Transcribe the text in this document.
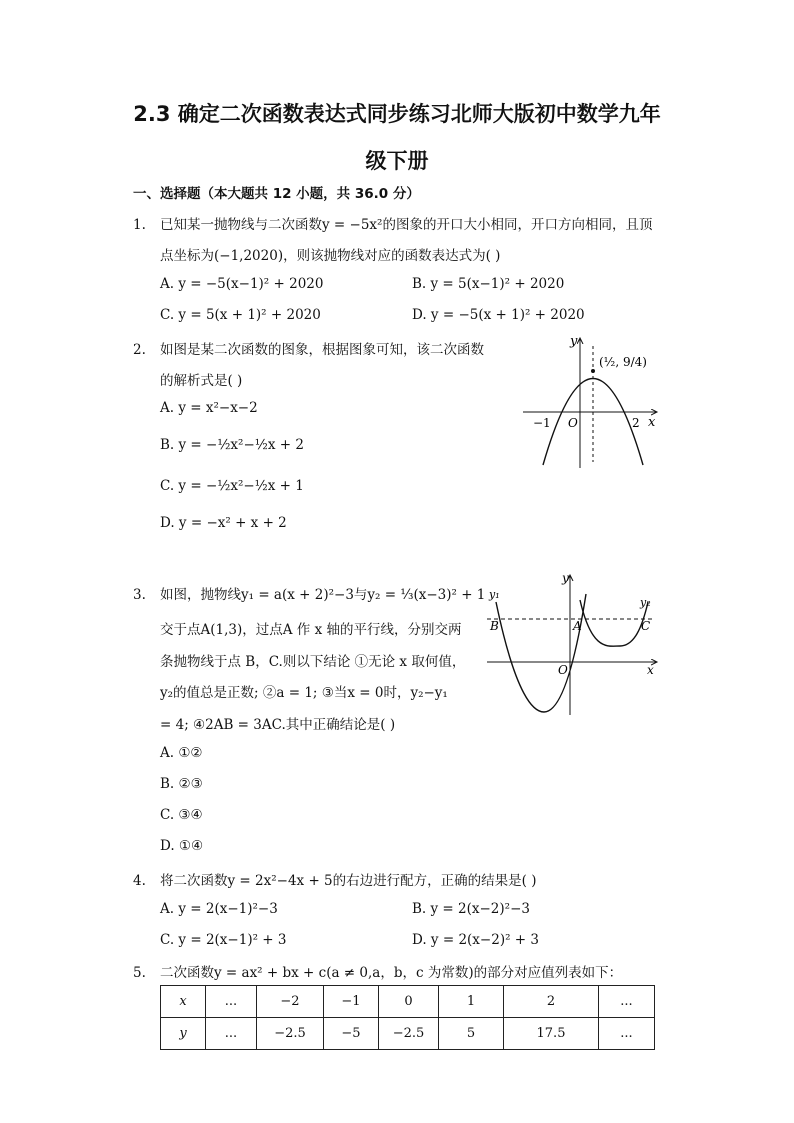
2.3 确定二次函数表达式同步练习北师大版初中数学九年
级下册
一、选择题（本大题共 12 小题，共 36.0 分）
1. 已知某一抛物线与二次函数y = −5x²的图象的开口大小相同，开口方向相同，且顶
点坐标为(−1,2020)，则该抛物线对应的函数表达式为( )
A. y = −5(x−1)² + 2020	B. y = 5(x−1)² + 2020
C. y = 5(x + 1)² + 2020	D. y = −5(x + 1)² + 2020
2. 如图是某二次函数的图象，根据图象可知，该二次函数
的解析式是( )
A. y = x²−x−2
B. y = −½x²−½x + 2
C. y = −½x²−½x + 1
D. y = −x² + x + 2
y
x
O
−1	2
(½, 9/4)
3. 如图，抛物线y₁ = a(x + 2)²−3与y₂ = ⅓(x−3)² + 1
交于点A(1,3)，过点A 作 x 轴的平行线，分别交两
条抛物线于点 B，C.则以下结论 ①无论 x 取何值，
y₂的值总是正数; ②a = 1; ③当x = 0时，y₂−y₁
= 4; ④2AB = 3AC.其中正确结论是( )
A. ①②
B. ②③
C. ③④
D. ①④
y
x
O
y₁
y₂
A
B	C
4. 将二次函数y = 2x²−4x + 5的右边进行配方，正确的结果是( )
A. y = 2(x−1)²−3	B. y = 2(x−2)²−3
C. y = 2(x−1)² + 3	D. y = 2(x−2)² + 3
5. 二次函数y = ax² + bx + c(a ≠ 0,a，b，c 为常数)的部分对应值列表如下：
x	...	−2	−1	0	1	2	...
y	...	−2.5	−5	−2.5	5	17.5	...
